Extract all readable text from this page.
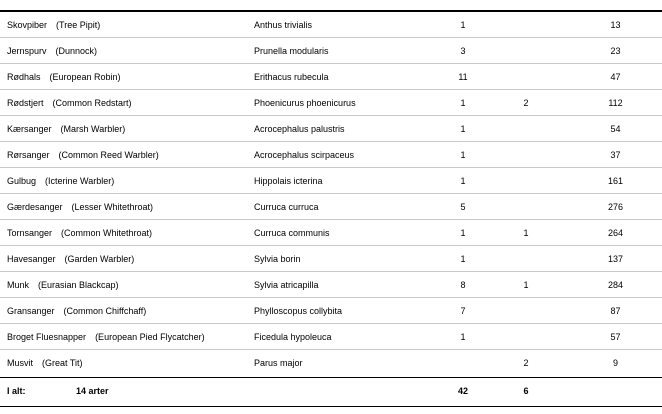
Skovpiber (Tree Pipit)	Anthus trivialis	1		13
Jernspurv (Dunnock)	Prunella modularis	3		23
Rødhals (European Robin)	Erithacus rubecula	11		47
Rødstjert (Common Redstart)	Phoenicurus phoenicurus	1	2	112
Kærsanger (Marsh Warbler)	Acrocephalus palustris	1		54
Rørsanger (Common Reed Warbler)	Acrocephalus scirpaceus	1		37
Gulbug (Icterine Warbler)	Hippolais icterina	1		161
Gærdesanger (Lesser Whitethroat)	Curruca curruca	5		276
Tornsanger (Common Whitethroat)	Curruca communis	1	1	264
Havesanger (Garden Warbler)	Sylvia borin	1		137
Munk (Eurasian Blackcap)	Sylvia atricapilla	8	1	284
Gransanger (Common Chiffchaff)	Phylloscopus collybita	7		87
Broget Fluesnapper (European Pied Flycatcher)	Ficedula hypoleuca	1		57
Musvit (Great Tit)	Parus major		2	9
I alt:	14 arter	42	6
